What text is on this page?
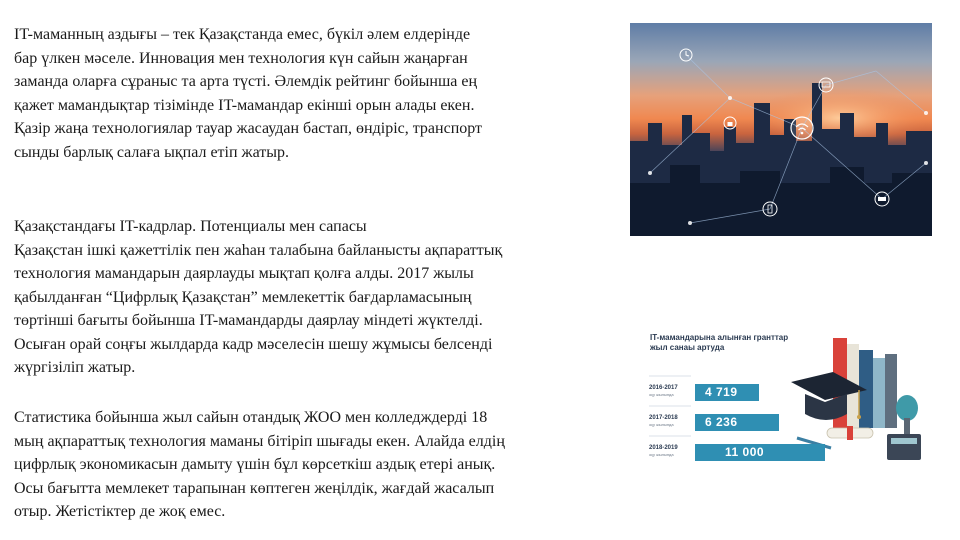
IT-маманның аздығы – тек Қазақстанда емес, бүкіл әлем елдерінде
бар үлкен мәселе. Инновация мен технология күн сайын жаңарған
заманда оларға сұраныс та арта түсті. Әлемдік рейтинг бойынша ең
қажет мамандықтар тізімінде IT-мамандар екінші орын алады екен.
Қазір жаңа технологиялар тауар жасаудан бастап, өндіріс, транспорт
сынды барлық салаға ықпал етіп жатыр.
Қазақстандағы IT-кадрлар. Потенциалы мен сапасы
Қазақстан ішкі қажеттілік пен жаһан талабына байланысты ақпараттық
технология мамандарын даярлауды мықтап қолға алды. 2017 жылы
қабылданған “Цифрлық Қазақстан” мемлекеттік бағдарламасының
төртінші бағыты бойынша IT-мамандарды даярлау міндеті жүктелді.
Осыған орай соңғы жылдарда кадр мәселесін шешу жұмысы белсенді
жүргізіліп жатыр.
Статистика бойынша жыл сайын отандық ЖОО мен колледждерді 18
мың ақпараттық технология маманы бітіріп шығады екен. Алайда елдің
цифрлық экономикасын дамыту үшін бұл көрсеткіш аздық етері анық.
Осы бағытта мемлекет тарапынан көптеген жеңілдік, жағдай жасалып
отыр. Жетістіктер де жоқ емес.
IT-мамандарына алынған гранттар
жыл санаы артуда
2016-2017
оқу жылында	4 719
2017-2018
оқу жылында	6 236
2018-2019
оқу жылында	11 000
